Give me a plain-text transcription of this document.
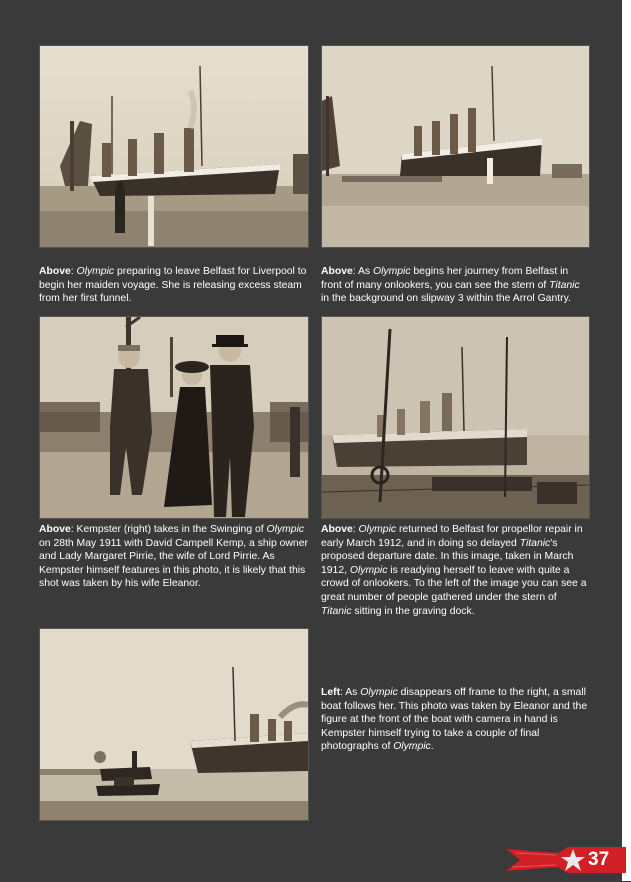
Above: Olympic preparing to leave Belfast for Liverpool to begin her maiden voyage. She is releasing excess steam from her first funnel.
Above: As Olympic begins her journey from Belfast in front of many onlookers, you can see the stern of Titanic in the background on slipway 3 within the Arrol Gantry.
Above: Kempster (right) takes in the Swinging of Olympic on 28th May 1911 with David Campell Kemp, a ship owner and Lady Margaret Pirrie, the wife of Lord Pirrie. As Kempster himself features in this photo, it is likely that this shot was taken by his wife Eleanor.
Above: Olympic returned to Belfast for propellor repair in early March 1912, and in doing so delayed Titanic's proposed departure date. In this image, taken in March 1912, Olympic is readying herself to leave with quite a crowd of onlookers. To the left of the image you can see a great number of people gathered under the stern of Titanic sitting in the graving dock.
Left: As Olympic disappears off frame to the right, a small boat follows her. This photo was taken by Eleanor and the figure at the front of the boat with camera in hand is Kempster himself trying to take a couple of final photographs of Olympic.
37
